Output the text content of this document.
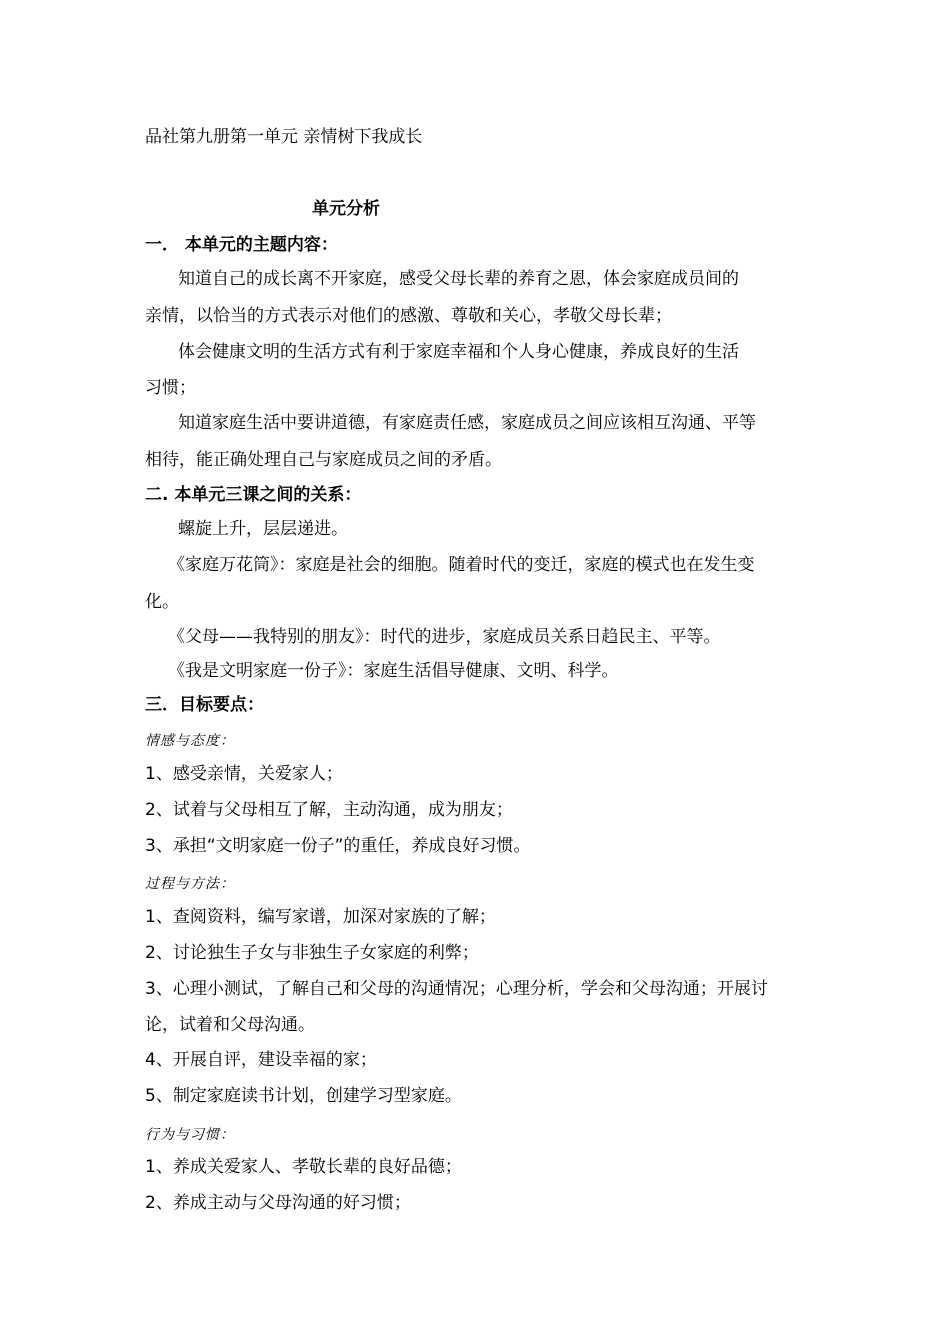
品社第九册第一单元 亲情树下我成长
单元分析
一． 本单元的主题内容：
知道自己的成长离不开家庭，感受父母长辈的养育之恩，体会家庭成员间的
亲情，以恰当的方式表示对他们的感激、尊敬和关心，孝敬父母长辈；
体会健康文明的生活方式有利于家庭幸福和个人身心健康，养成良好的生活
习惯；
知道家庭生活中要讲道德，有家庭责任感，家庭成员之间应该相互沟通、平等
相待，能正确处理自己与家庭成员之间的矛盾。
二. 本单元三课之间的关系：
螺旋上升，层层递进。
《家庭万花筒》：家庭是社会的细胞。随着时代的变迁，家庭的模式也在发生变
化。
《父母——我特别的朋友》：时代的进步，家庭成员关系日趋民主、平等。
《我是文明家庭一份子》：家庭生活倡导健康、文明、科学。
三．目标要点：
情感与态度：
1、感受亲情，关爱家人；
2、试着与父母相互了解，主动沟通，成为朋友；
3、承担“文明家庭一份子”的重任，养成良好习惯。
过程与方法：
1、查阅资料，编写家谱，加深对家族的了解；
2、讨论独生子女与非独生子女家庭的利弊；
3、心理小测试，了解自己和父母的沟通情况；心理分析，学会和父母沟通；开展讨
论，试着和父母沟通。
4、开展自评，建设幸福的家；
5、制定家庭读书计划，创建学习型家庭。
行为与习惯：
1、养成关爱家人、孝敬长辈的良好品德；
2、养成主动与父母沟通的好习惯；
